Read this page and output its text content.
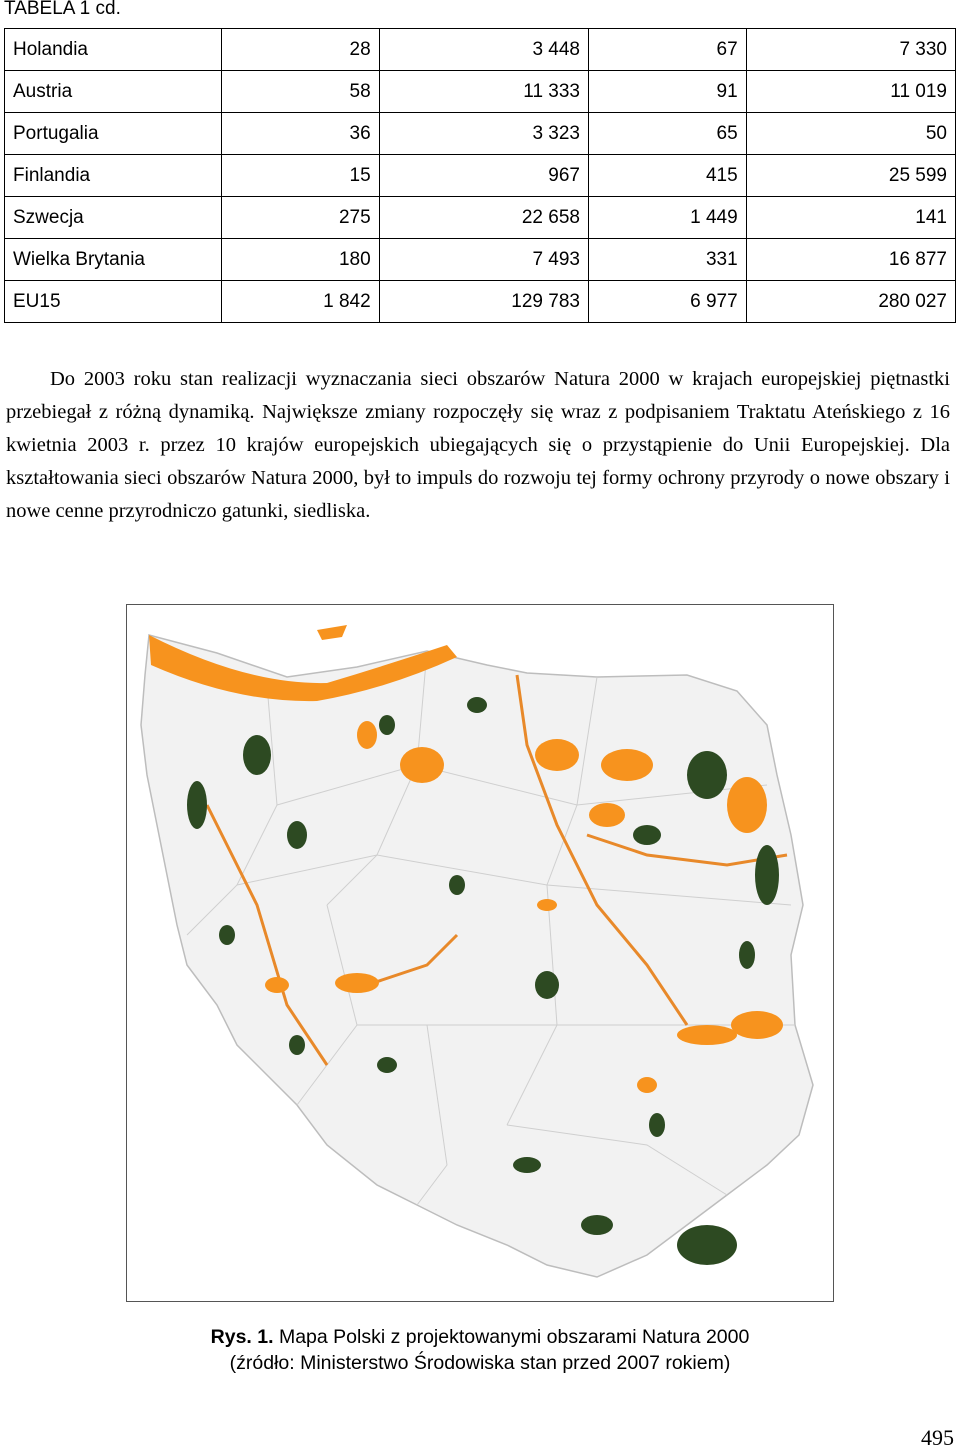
TABELA 1 cd.
Holandia	28	3 448	67	7 330
Austria	58	11 333	91	11 019
Portugalia	36	3 323	65	50
Finlandia	15	967	415	25 599
Szwecja	275	22 658	1 449	141
Wielka Brytania	180	7 493	331	16 877
EU15	1 842	129 783	6 977	280 027

Do 2003 roku stan realizacji wyznaczania sieci obszarów Natura 2000 w krajach europejskiej piętnastki przebiegał z różną dynamiką. Największe zmiany rozpoczęły się wraz z podpisaniem Traktatu Ateńskiego z 16 kwietnia 2003 r. przez 10 krajów europejskich ubiegających się o przystąpienie do Unii Europejskiej. Dla kształtowania sieci obszarów Natura 2000, był to impuls do rozwoju tej formy ochrony przyrody o nowe obszary i nowe cenne przyrodniczo gatunki, siedliska.

Rys. 1. Mapa Polski z projektowanymi obszarami Natura 2000
(źródło: Ministerstwo Środowiska stan przed 2007 rokiem)
495
